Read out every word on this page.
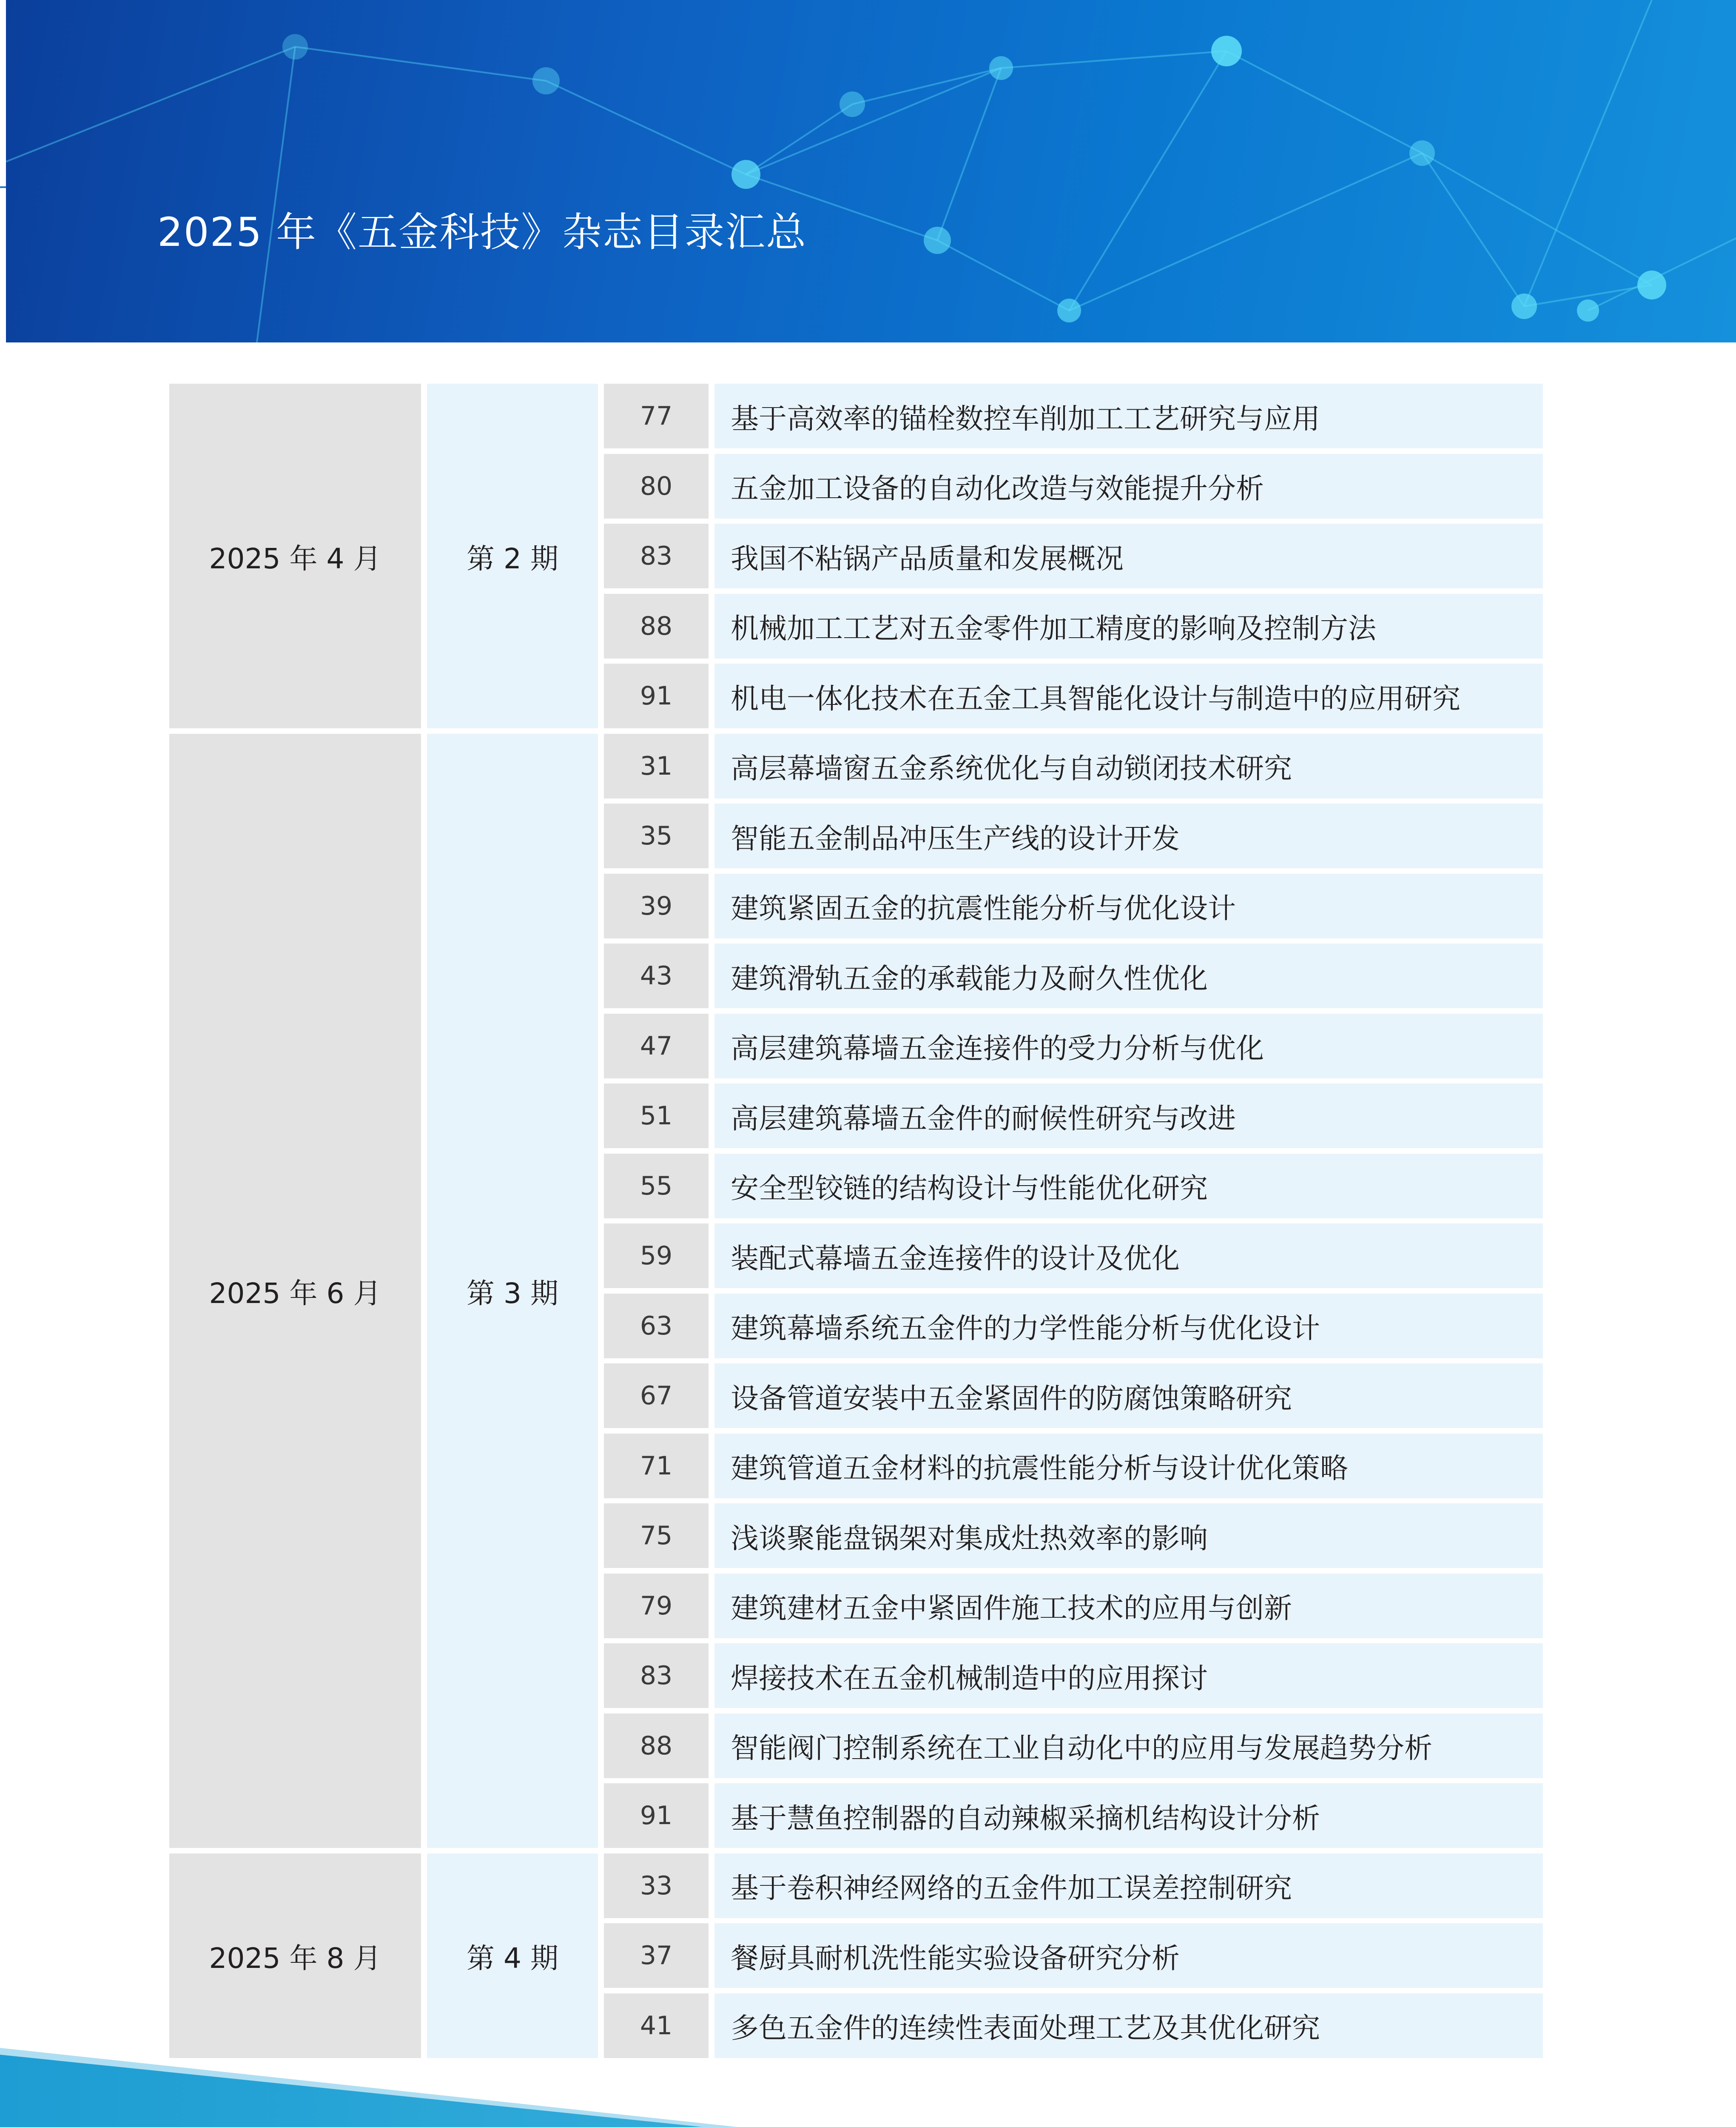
2025 年《五金科技》杂志目录汇总
2025 年 4 月	第 2 期
77	基于高效率的锚栓数控车削加工工艺研究与应用
80	五金加工设备的自动化改造与效能提升分析
83	我国不粘锅产品质量和发展概况
88	机械加工工艺对五金零件加工精度的影响及控制方法
91	机电一体化技术在五金工具智能化设计与制造中的应用研究
2025 年 6 月	第 3 期
31	高层幕墙窗五金系统优化与自动锁闭技术研究
35	智能五金制品冲压生产线的设计开发
39	建筑紧固五金的抗震性能分析与优化设计
43	建筑滑轨五金的承载能力及耐久性优化
47	高层建筑幕墙五金连接件的受力分析与优化
51	高层建筑幕墙五金件的耐候性研究与改进
55	安全型铰链的结构设计与性能优化研究
59	装配式幕墙五金连接件的设计及优化
63	建筑幕墙系统五金件的力学性能分析与优化设计
67	设备管道安装中五金紧固件的防腐蚀策略研究
71	建筑管道五金材料的抗震性能分析与设计优化策略
75	浅谈聚能盘锅架对集成灶热效率的影响
79	建筑建材五金中紧固件施工技术的应用与创新
83	焊接技术在五金机械制造中的应用探讨
88	智能阀门控制系统在工业自动化中的应用与发展趋势分析
91	基于慧鱼控制器的自动辣椒采摘机结构设计分析
2025 年 8 月	第 4 期
33	基于卷积神经网络的五金件加工误差控制研究
37	餐厨具耐机洗性能实验设备研究分析
41	多色五金件的连续性表面处理工艺及其优化研究
